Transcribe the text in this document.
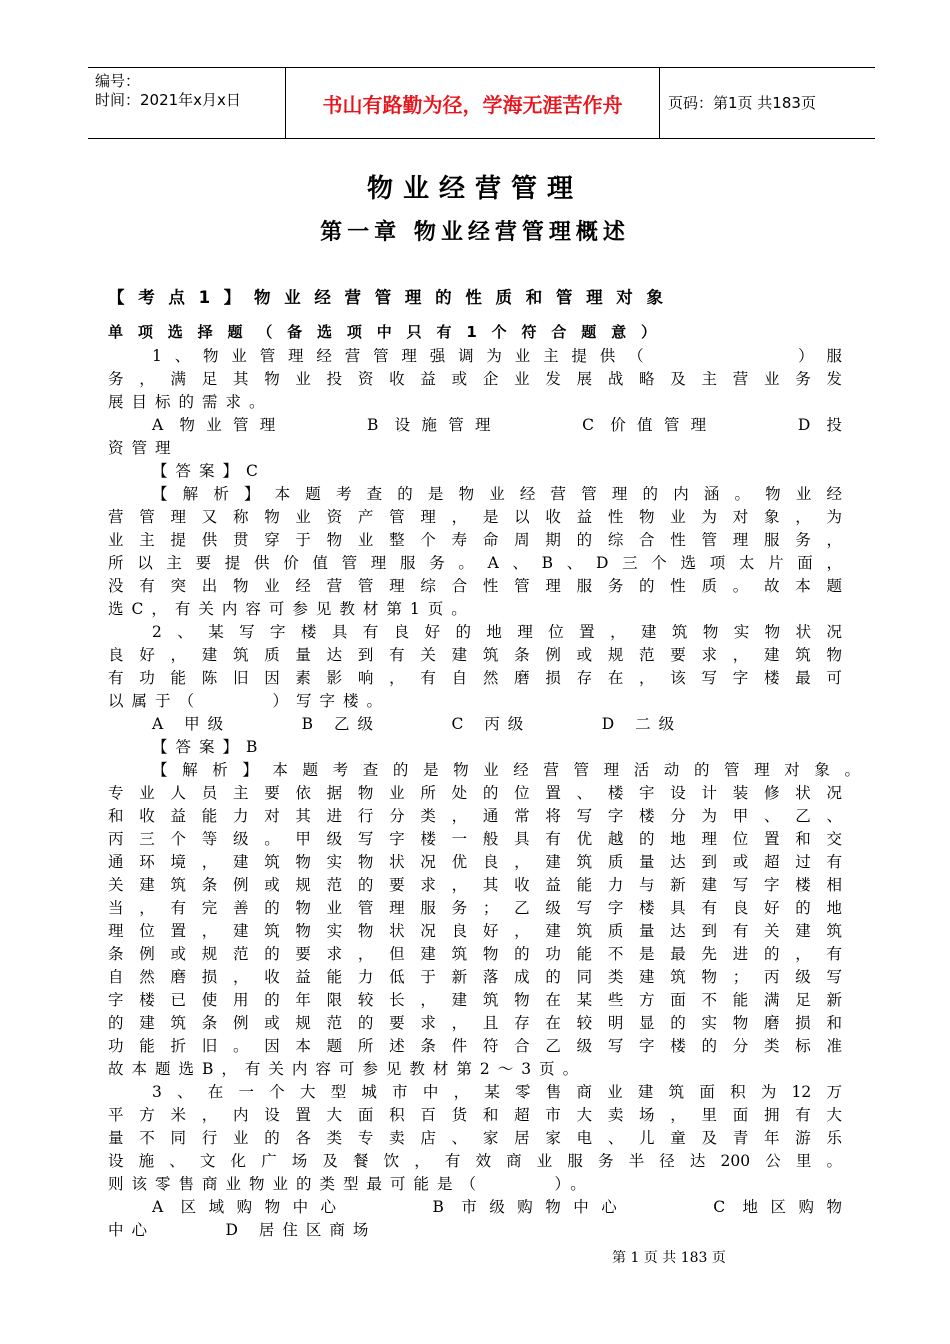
编号：
时间：2021年x月x日	书山有路勤为径，学海无涯苦作舟	页码：第1页 共183页
物业经营管理
第一章 物业经营管理概述
【考点1】物业经营管理的性质和管理对象
单项选择题（备选项中只有1个符合题意）
1、物业管理经营管理强调为业主提供（　　　　　）服
务，满足其物业投资收益或企业发展战略及主营业务发
展目标的需求。
A 物业管理　　　B 设施管理　　　C 价值管理　　　D 投
资管理
【答案】C
【解析】本题考查的是物业经营管理的内涵。物业经
营管理又称物业资产管理，是以收益性物业为对象，为
业主提供贯穿于物业整个寿命周期的综合性管理服务，
所以主要提供价值管理服务。A、B、D三个选项太片面，
没有突出物业经营管理综合性管理服务的性质。故本题
选C，有关内容可参见教材第1页。
2、某写字楼具有良好的地理位置，建筑物实物状况
良好，建筑质量达到有关建筑条例或规范要求，建筑物
有功能陈旧因素影响，有自然磨损存在，该写字楼最可
以属于（　　　）写字楼。
A 甲级　　　B 乙级　　　C 丙级　　　D 二级
【答案】B
【解析】本题考查的是物业经营管理活动的管理对象。
专业人员主要依据物业所处的位置、楼宇设计装修状况
和收益能力对其进行分类，通常将写字楼分为甲、乙、
丙三个等级。甲级写字楼一般具有优越的地理位置和交
通环境，建筑物实物状况优良，建筑质量达到或超过有
关建筑条例或规范的要求，其收益能力与新建写字楼相
当，有完善的物业管理服务；乙级写字楼具有良好的地
理位置，建筑物实物状况良好，建筑质量达到有关建筑
条例或规范的要求，但建筑物的功能不是最先进的，有
自然磨损，收益能力低于新落成的同类建筑物；丙级写
字楼已使用的年限较长，建筑物在某些方面不能满足新
的建筑条例或规范的要求，且存在较明显的实物磨损和
功能折旧。因本题所述条件符合乙级写字楼的分类标准
故本题选B，有关内容可参见教材第2～3页。
3、在一个大型城市中，某零售商业建筑面积为12万
平方米，内设置大面积百货和超市大卖场，里面拥有大
量不同行业的各类专卖店、家居家电、儿童及青年游乐
设施、文化广场及餐饮，有效商业服务半径达200公里。
则该零售商业物业的类型最可能是（　　　）。
A 区域购物中心　　　B 市级购物中心　　　C 地区购物
中心　　　D 居住区商场
第 1 页 共 183 页
